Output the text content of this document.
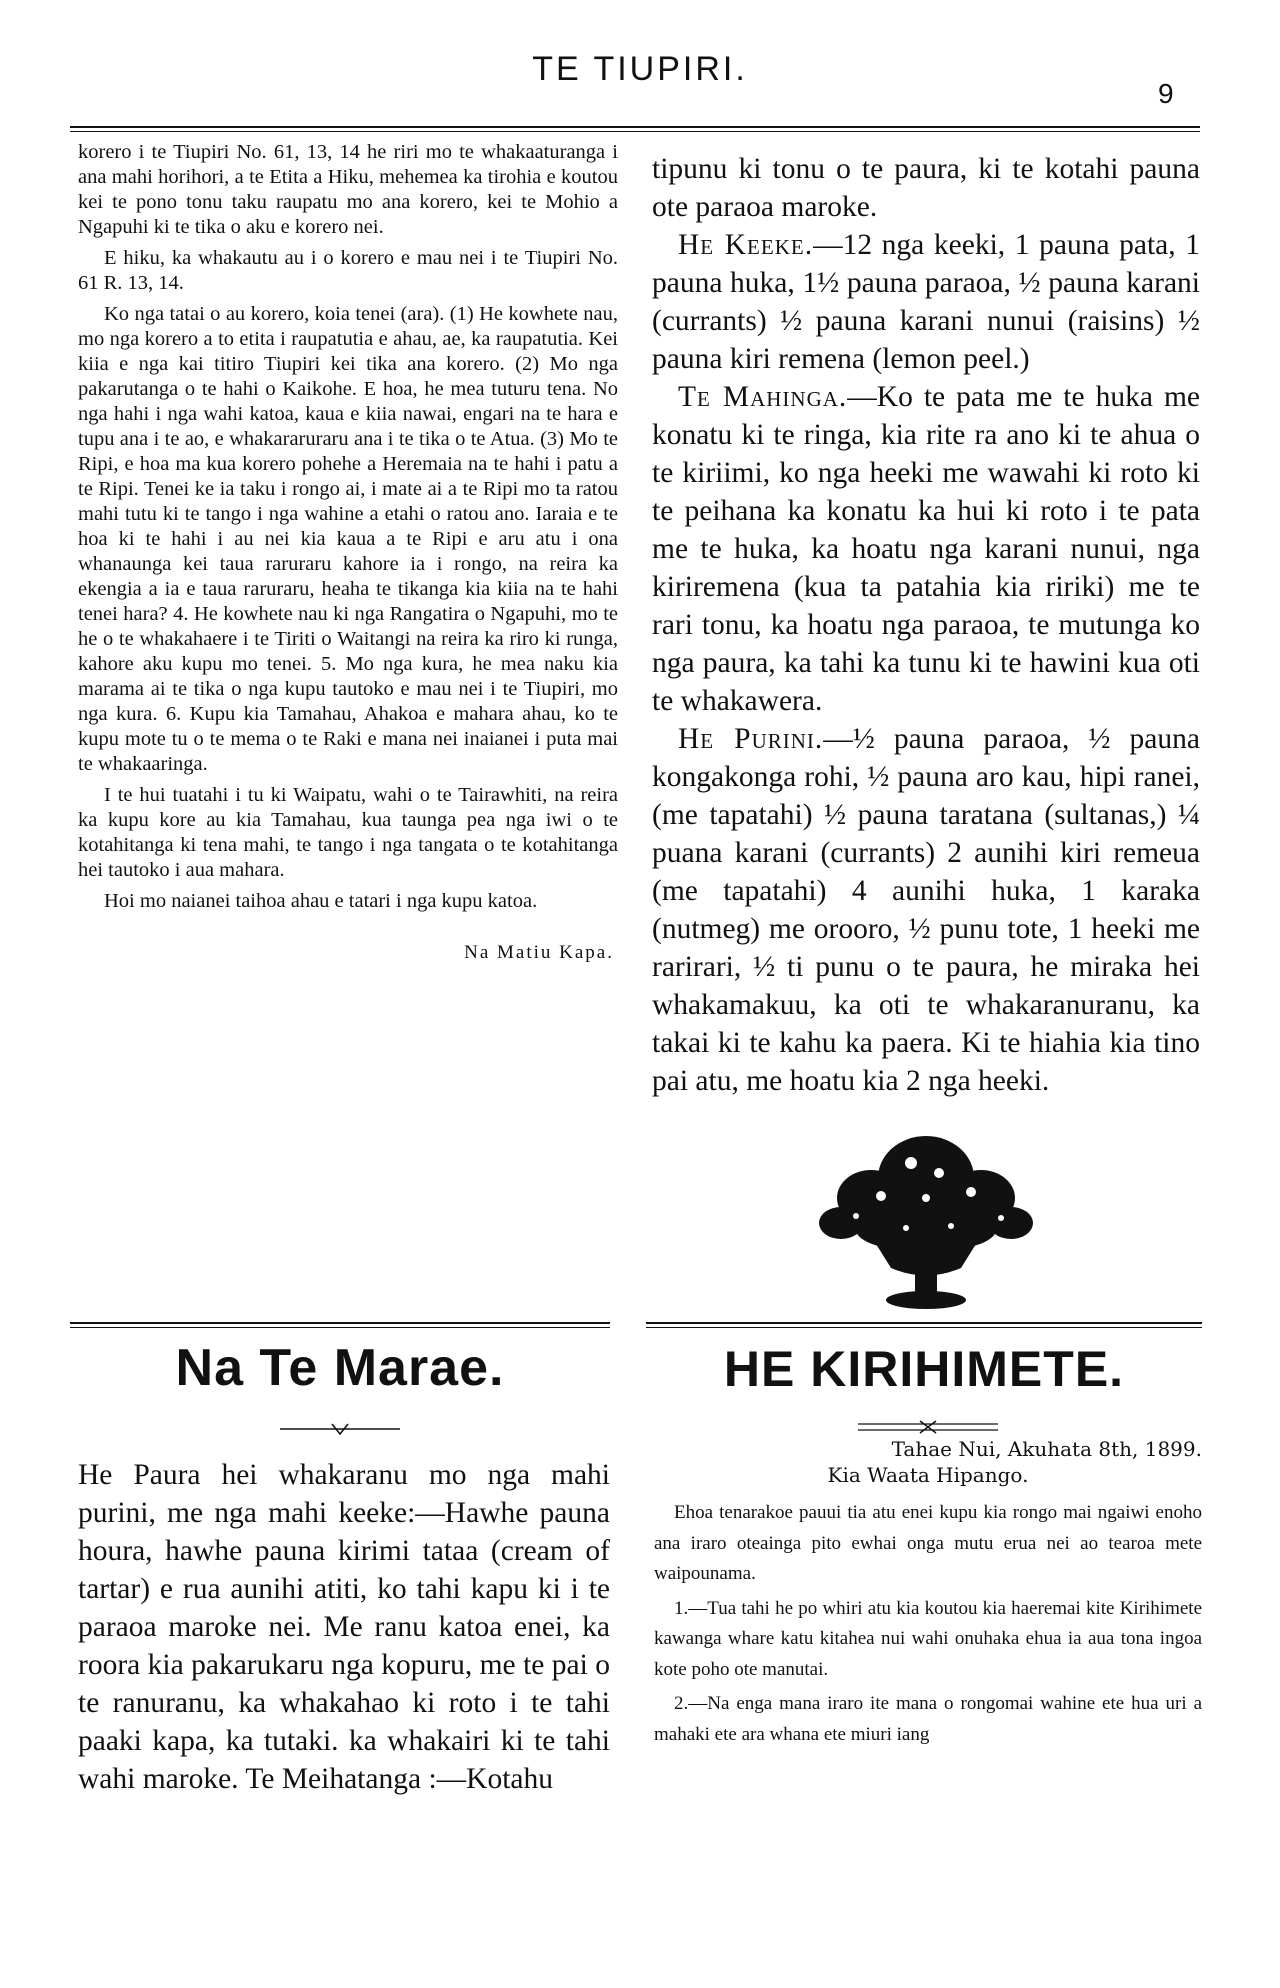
TE TIUPIRI.
9

korero i te Tiupiri No. 61, 13, 14 he riri mo te whakaaturanga i ana mahi horihori, a te Etita a Hiku, mehemea ka tirohia e koutou kei te pono tonu taku raupatu mo ana korero, kei te Mohio a Ngapuhi ki te tika o aku e korero nei.

E hiku, ka whakautu au i o korero e mau nei i te Tiupiri No. 61 R. 13, 14.

Ko nga tatai o au korero, koia tenei (ara). (1) He kowhete nau, mo nga korero a to etita i raupatutia e ahau, ae, ka raupatutia. Kei kiia e nga kai titiro Tiupiri kei tika ana korero. (2) Mo nga pakarutanga o te hahi o Kaikohe. E hoa, he mea tuturu tena. No nga hahi i nga wahi katoa, kaua e kiia nawai, engari na te hara e tupu ana i te ao, e whakararuraru ana i te tika o te Atua. (3) Mo te Ripi, e hoa ma kua korero pohehe a Heremaia na te hahi i patu a te Ripi. Tenei ke ia taku i rongo ai, i mate ai a te Ripi mo ta ratou mahi tutu ki te tango i nga wahine a etahi o ratou ano. Iaraia e te hoa ki te hahi i au nei kia kaua a te Ripi e aru atu i ona whanaunga kei taua raruraru kahore ia i rongo, na reira ka ekengia a ia e taua raruraru, heaha te tikanga kia kiia na te hahi tenei hara? 4. He kowhete nau ki nga Rangatira o Ngapuhi, mo te he o te whakahaere i te Tiriti o Waitangi na reira ka riro ki runga, kahore aku kupu mo tenei. 5. Mo nga kura, he mea naku kia marama ai te tika o nga kupu tautoko e mau nei i te Tiupiri, mo nga kura. 6. Kupu kia Tamahau, Ahakoa e mahara ahau, ko te kupu mote tu o te mema o te Raki e mana nei inaianei i puta mai te whakaaringa.

I te hui tuatahi i tu ki Waipatu, wahi o te Tairawhiti, na reira ka kupu kore au kia Tamahau, kua taunga pea nga iwi o te kotahitanga ki tena mahi, te tango i nga tangata o te kotahitanga hei tautoko i aua mahara.

Hoi mo naianei taihoa ahau e tatari i nga kupu katoa.

Na Matiu Kapa.

tipunu ki tonu o te paura, ki te kotahi pauna ote paraoa maroke.

He Keeke.—12 nga keeki, 1 pauna pata, 1 pauna huka, 1½ pauna paraoa, ½ pauna karani (currants) ½ pauna karani nunui (raisins) ½ pauna kiri remena (lemon peel.)

Te Mahinga.—Ko te pata me te huka me konatu ki te ringa, kia rite ra ano ki te ahua o te kiriimi, ko nga heeki me wawahi ki roto ki te peihana ka konatu ka hui ki roto i te pata me te huka, ka hoatu nga karani nunui, nga kiriremena (kua ta patahia kia ririki) me te rari tonu, ka hoatu nga paraoa, te mutunga ko nga paura, ka tahi ka tunu ki te hawini kua oti te whakawera.

He Purini.—½ pauna paraoa, ½ pauna kongakonga rohi, ½ pauna aro kau, hipi ranei, (me tapatahi) ½ pauna taratana (sultanas,) ¼ puana karani (currants) 2 aunihi kiri remeua (me tapatahi) 4 aunihi huka, 1 karaka (nutmeg) me orooro, ½ punu tote, 1 heeki me rarirari, ½ ti punu o te paura, he miraka hei whakamakuu, ka oti te whakaranuranu, ka takai ki te kahu ka paera. Ki te hiahia kia tino pai atu, me hoatu kia 2 nga heeki.

Na Te Marae.

He Paura hei whakaranu mo nga mahi purini, me nga mahi keeke:—Hawhe pauna houra, hawhe pauna kirimi tataa (cream of tartar) e rua aunihi atiti, ko tahi kapu ki i te paraoa maroke nei. Me ranu katoa enei, ka roora kia pakarukaru nga kopuru, me te pai o te ranuranu, ka whakahao ki roto i te tahi paaki kapa, ka tutaki. ka whakairi ki te tahi wahi maroke. Te Meihatanga :—Kotahu

HE KIRIHIMETE.

Tahae Nui, Akuhata 8th, 1899.

Kia Waata Hipango.

Ehoa tenarakoe pauui tia atu enei kupu kia rongo mai ngaiwi enoho ana iraro oteainga pito ewhai onga mutu erua nei ao tearoa mete waipounama.

1.—Tua tahi he po whiri atu kia koutou kia haeremai kite Kirihimete kawanga whare katu kitahea nui wahi onuhaka ehua ia aua tona ingoa kote poho ote manutai.

2.—Na enga mana iraro ite mana o rongomai wahine ete hua uri a mahaki ete ara whana ete miuri iang
